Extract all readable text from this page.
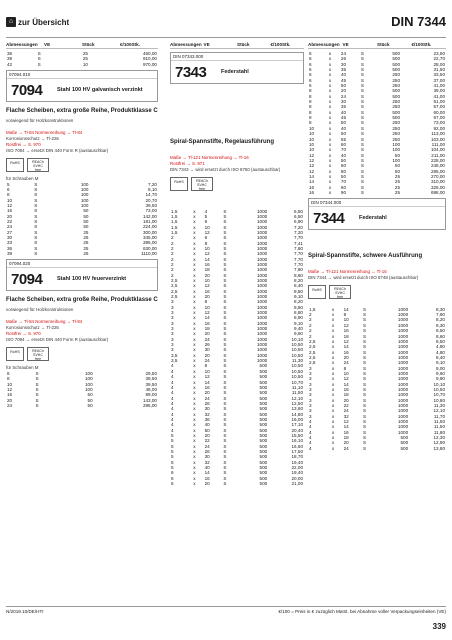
⌂ zur Übersicht	DIN 7344
Abmessungen	VE	Stück	€/100Stk.
36	S	25	460,00
39	S	25	910,00
42	S	10	970,00
07094.010
7094	Stahl 100 HV galvanisch verzinkt
Flache Scheiben, extra große Reihe, Produktklasse C
vorwiegend für Holzkonstruktionen
Maße → Tl-84 Normenreihung → Tl-84
Korrosionsschutz → Tl-226
Rostfrei → S. 970
ISO 7094 → ersetzt DIN 440 Form R (austauschbar)
RoHS	REACh
SVHC
free
für Schrauben M
5	S	100	7,20
6	S	100	8,10
8	S	100	14,70
10	S	100	20,70
12	S	100	39,50
16	S	50	73,00
20	S	50	142,00
22	S	50	181,00
24	S	50	224,00
27	S	25	300,00
30	S	25	345,00
33	S	25	395,00
36	S	25	630,00
39	S	25	1110,00
07094.020
7094	Stahl 100 HV feuerverzinkt
Flache Scheiben, extra große Reihe, Produktklasse C
vorwiegend für Holzkonstruktionen
Maße → Tl-84 Normenreihung → Tl-84
Korrosionsschutz → Tl-226
Rostfrei → S. 970
ISO 7094 → ersetzt DIN 440 Form R (austauschbar)
RoHS	REACh
SVHC
free
für Schrauben M
6	S	100	29,50
8	S	100	39,50
10	S	100	39,50
12	S	100	48,00
16	S	50	89,00
20	S	50	143,00
24	S	50	295,00
Abmessungen VE	Stück	€/100Stk.
DIN 07343.000
7343	Federstahl
Spiral-Spannstifte, Regelausführung
Maße → Tl-121 Normenreihung → Tl-16
Rostfrei → S. 971
DIN 7343 → wird ersetzt durch ISO 8750 (austauschbar)
RoHS	REACh
SVHC
free
1,5	x	4	S	1000	6,50
1,5	x	5	S	1000	6,50
1,5	x	6	S	1000	6,90
1,5	x	10	S	1000	7,20
1,5	x	12	S	1000	7,20
2	x	6	S	1000	7,70
2	x	8	S	1000	7,41
2	x	10	S	1000	7,60
2	x	12	S	1000	7,70
2	x	14	S	1000	7,70
2	x	16	S	1000	7,70
2	x	18	S	1000	7,80
2	x	20	S	1000	8,60
2,5	x	10	S	1000	8,20
2,5	x	12	S	1000	8,40
2,5	x	16	S	1000	8,50
2,5	x	20	S	1000	9,10
3	x	8	S	1000	8,20
3	x	10	S	1000	8,50
3	x	12	S	1000	8,80
3	x	14	S	1000	8,90
3	x	16	S	1000	9,10
3	x	18	S	1000	9,40
3	x	20	S	1000	9,60
3	x	24	S	1000	10,10
3	x	26	S	1000	10,50
3	x	30	S	1000	10,50
3,5	x	20	S	1000	10,50
3,5	x	24	S	1000	11,30
4	x	8	S	500	10,50
4	x	10	S	500	10,50
4	x	12	S	500	10,50
4	x	14	S	500	10,70
4	x	16	S	500	11,10
4	x	20	S	500	11,50
4	x	24	S	500	12,10
4	x	26	S	500	12,50
4	x	30	S	500	13,60
4	x	32	S	500	14,80
4	x	36	S	500	16,00
4	x	40	S	500	17,10
4	x	50	S	500	20,40
5	x	20	S	500	15,50
5	x	22	S	500	16,10
5	x	24	S	500	16,60
5	x	26	S	500	17,50
5	x	30	S	500	18,70
5	x	32	S	500	19,40
5	x	40	S	500	22,00
6	x	14	S	500	19,40
6	x	16	S	500	20,00
6	x	20	S	500	21,00
Abmessungen VE	Stück	€/100Stk.
6	x	24	S	500	23,50
6	x	26	S	500	22,70
6	x	30	S	500	28,00
6	x	35	S	500	31,50
6	x	40	S	250	33,50
6	x	45	S	250	37,00
6	x	50	S	250	41,00
8	x	20	S	500	39,00
8	x	24	S	500	41,00
8	x	30	S	250	51,00
8	x	35	S	250	57,00
8	x	40	S	500	60,00
8	x	45	S	500	67,00
8	x	50	S	250	73,00
10	x	40	S	250	92,00
10	x	50	S	250	113,00
10	x	55	S	250	103,00
10	x	60	S	100	111,00
10	x	70	S	100	104,00
12	x	40	S	50	211,00
12	x	50	S	100	228,00
12	x	60	S	50	248,00
12	x	80	S	50	285,00
14	x	50	S	25	270,00
14	x	70	S	25	310,00
16	x	60	S	25	325,00
16	x	90	S	25	698,00
DIN 07344.000
7344	Federstahl
Spiral-Spannstifte, schwere Ausführung
Maße → Tl-121 Normenreihung → Tl-16
DIN 7344 → wird ersetzt durch ISO 8748 (austauschbar)
RoHS	REACh
SVHC
free
1,5	x	14	S	1000	8,30
2	x	8	S	1000	7,90
2	x	10	S	1000	8,20
2	x	12	S	1000	8,30
2	x	16	S	1000	8,50
2	x	18	S	1000	8,60
2,5	x	12	S	1000	8,50
2,5	x	14	S	1000	4,80
2,5	x	16	S	1000	4,80
2,5	x	20	S	1000	8,40
2,5	x	24	S	1000	9,10
3	x	8	S	1000	9,00
3	x	10	S	1000	9,60
3	x	12	S	1000	9,90
3	x	14	S	1000	10,10
3	x	16	S	1000	10,50
3	x	18	S	1000	10,70
3	x	20	S	1000	10,80
3	x	22	S	1000	11,30
3	x	24	S	1000	12,10
3	x	32	S	1000	11,70
4	x	12	S	1000	11,50
4	x	14	S	1000	11,50
4	x	16	S	1000	11,80
4	x	18	S	500	12,30
4	x	20	S	500	12,90
4	x	24	S	500	13,80
N/2019.10/DE/HTI	€/100 = Preis in € zuzüglich MwSt. bei Abnahme voller Verpackungseinheiten (VE)
339
